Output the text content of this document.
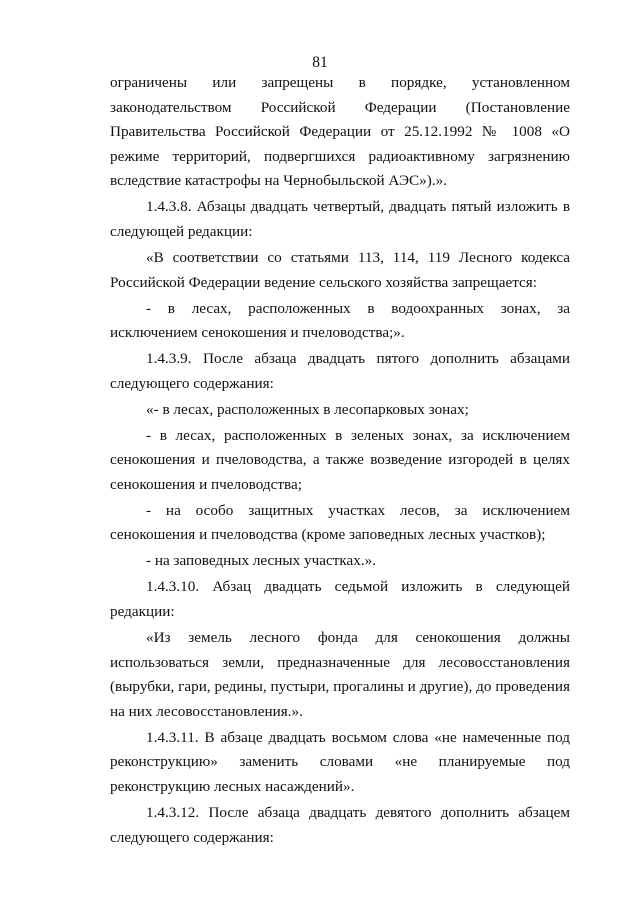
81

ограничены или запрещены в порядке, установленном законодательством Российской Федерации (Постановление Правительства Российской Федерации от 25.12.1992 № 1008 «О режиме территорий, подвергшихся радиоактивному загрязнению вследствие катастрофы на Чернобыльской АЭС»).».

1.4.3.8. Абзацы двадцать четвертый, двадцать пятый изложить в следующей редакции:

«В соответствии со статьями 113, 114, 119 Лесного кодекса Российской Федерации ведение сельского хозяйства запрещается:

- в лесах, расположенных в водоохранных зонах, за исключением сенокошения и пчеловодства;».

1.4.3.9. После абзаца двадцать пятого дополнить абзацами следующего содержания:

«- в лесах, расположенных в лесопарковых зонах;

- в лесах, расположенных в зеленых зонах, за исключением сенокошения и пчеловодства, а также возведение изгородей в целях сенокошения и пчеловодства;

- на особо защитных участках лесов, за исключением сенокошения и пчеловодства (кроме заповедных лесных участков);

- на заповедных лесных участках.».

1.4.3.10. Абзац двадцать седьмой изложить в следующей редакции:

«Из земель лесного фонда для сенокошения должны использоваться земли, предназначенные для лесовосстановления (вырубки, гари, редины, пустыри, прогалины и другие), до проведения на них лесовосстановления.».

1.4.3.11. В абзаце двадцать восьмом слова «не намеченные под реконструкцию» заменить словами «не планируемые под реконструкцию лесных насаждений».

1.4.3.12. После абзаца двадцать девятого дополнить абзацем следующего содержания:
